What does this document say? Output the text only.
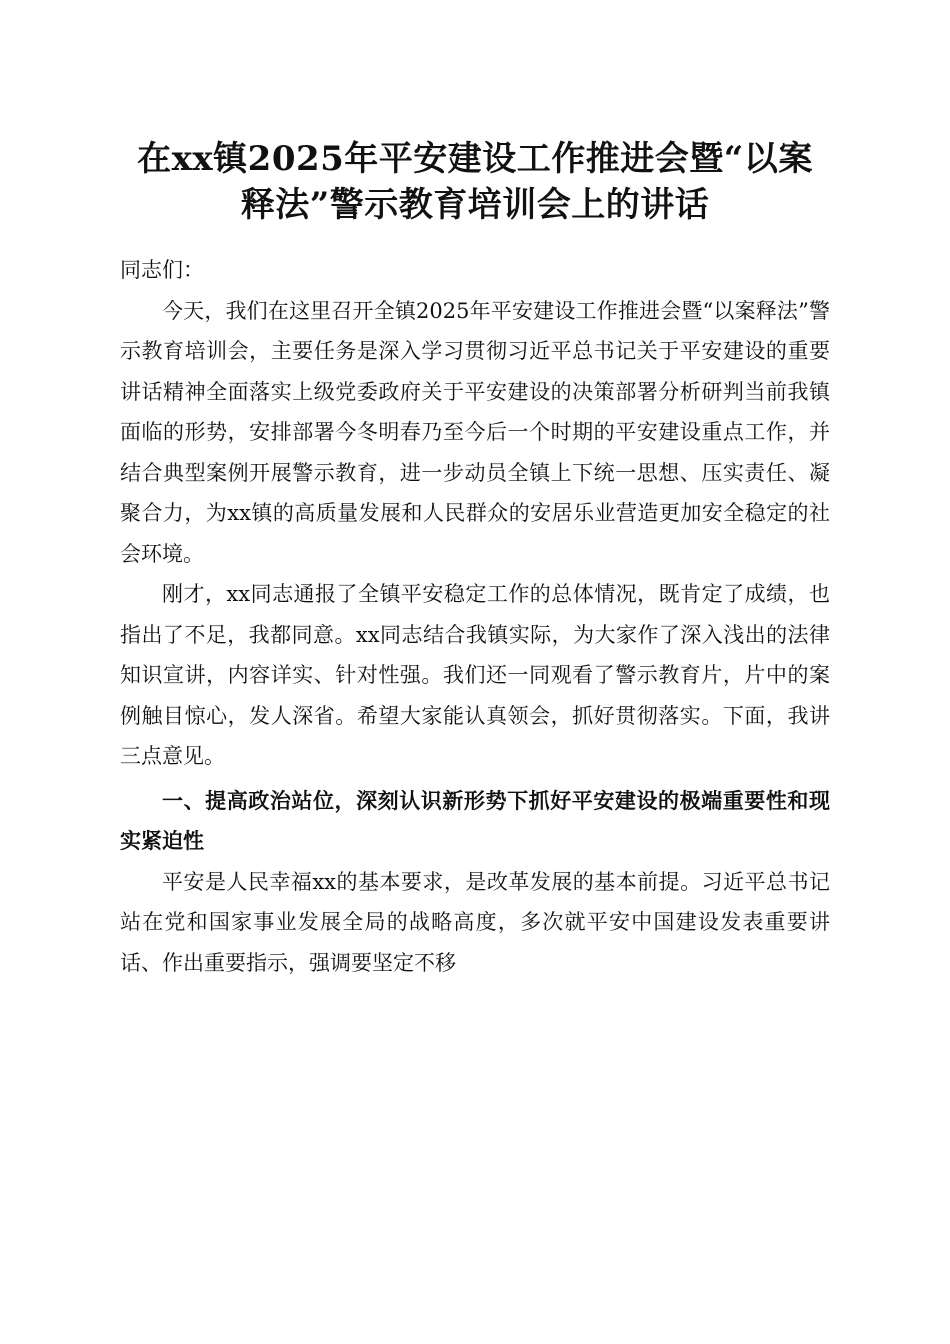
在xx镇2025年平安建设工作推进会暨“以案
释法”警示教育培训会上的讲话

同志们：

今天，我们在这里召开全镇2025年平安建设工作推进会暨“以案释法”警示教育培训会，主要任务是深入学习贯彻习近平总书记关于平安建设的重要讲话精神全面落实上级党委政府关于平安建设的决策部署分析研判当前我镇面临的形势，安排部署今冬明春乃至今后一个时期的平安建设重点工作，并结合典型案例开展警示教育，进一步动员全镇上下统一思想、压实责任、凝聚合力，为xx镇的高质量发展和人民群众的安居乐业营造更加安全稳定的社会环境。

刚才，xx同志通报了全镇平安稳定工作的总体情况，既肯定了成绩，也指出了不足，我都同意。xx同志结合我镇实际，为大家作了深入浅出的法律知识宣讲，内容详实、针对性强。我们还一同观看了警示教育片，片中的案例触目惊心，发人深省。希望大家能认真领会，抓好贯彻落实。下面，我讲三点意见。

一、提高政治站位，深刻认识新形势下抓好平安建设的极端重要性和现实紧迫性

平安是人民幸福xx的基本要求，是改革发展的基本前提。习近平总书记站在党和国家事业发展全局的战略高度，多次就平安中国建设发表重要讲话、作出重要指示，强调要坚定不移
